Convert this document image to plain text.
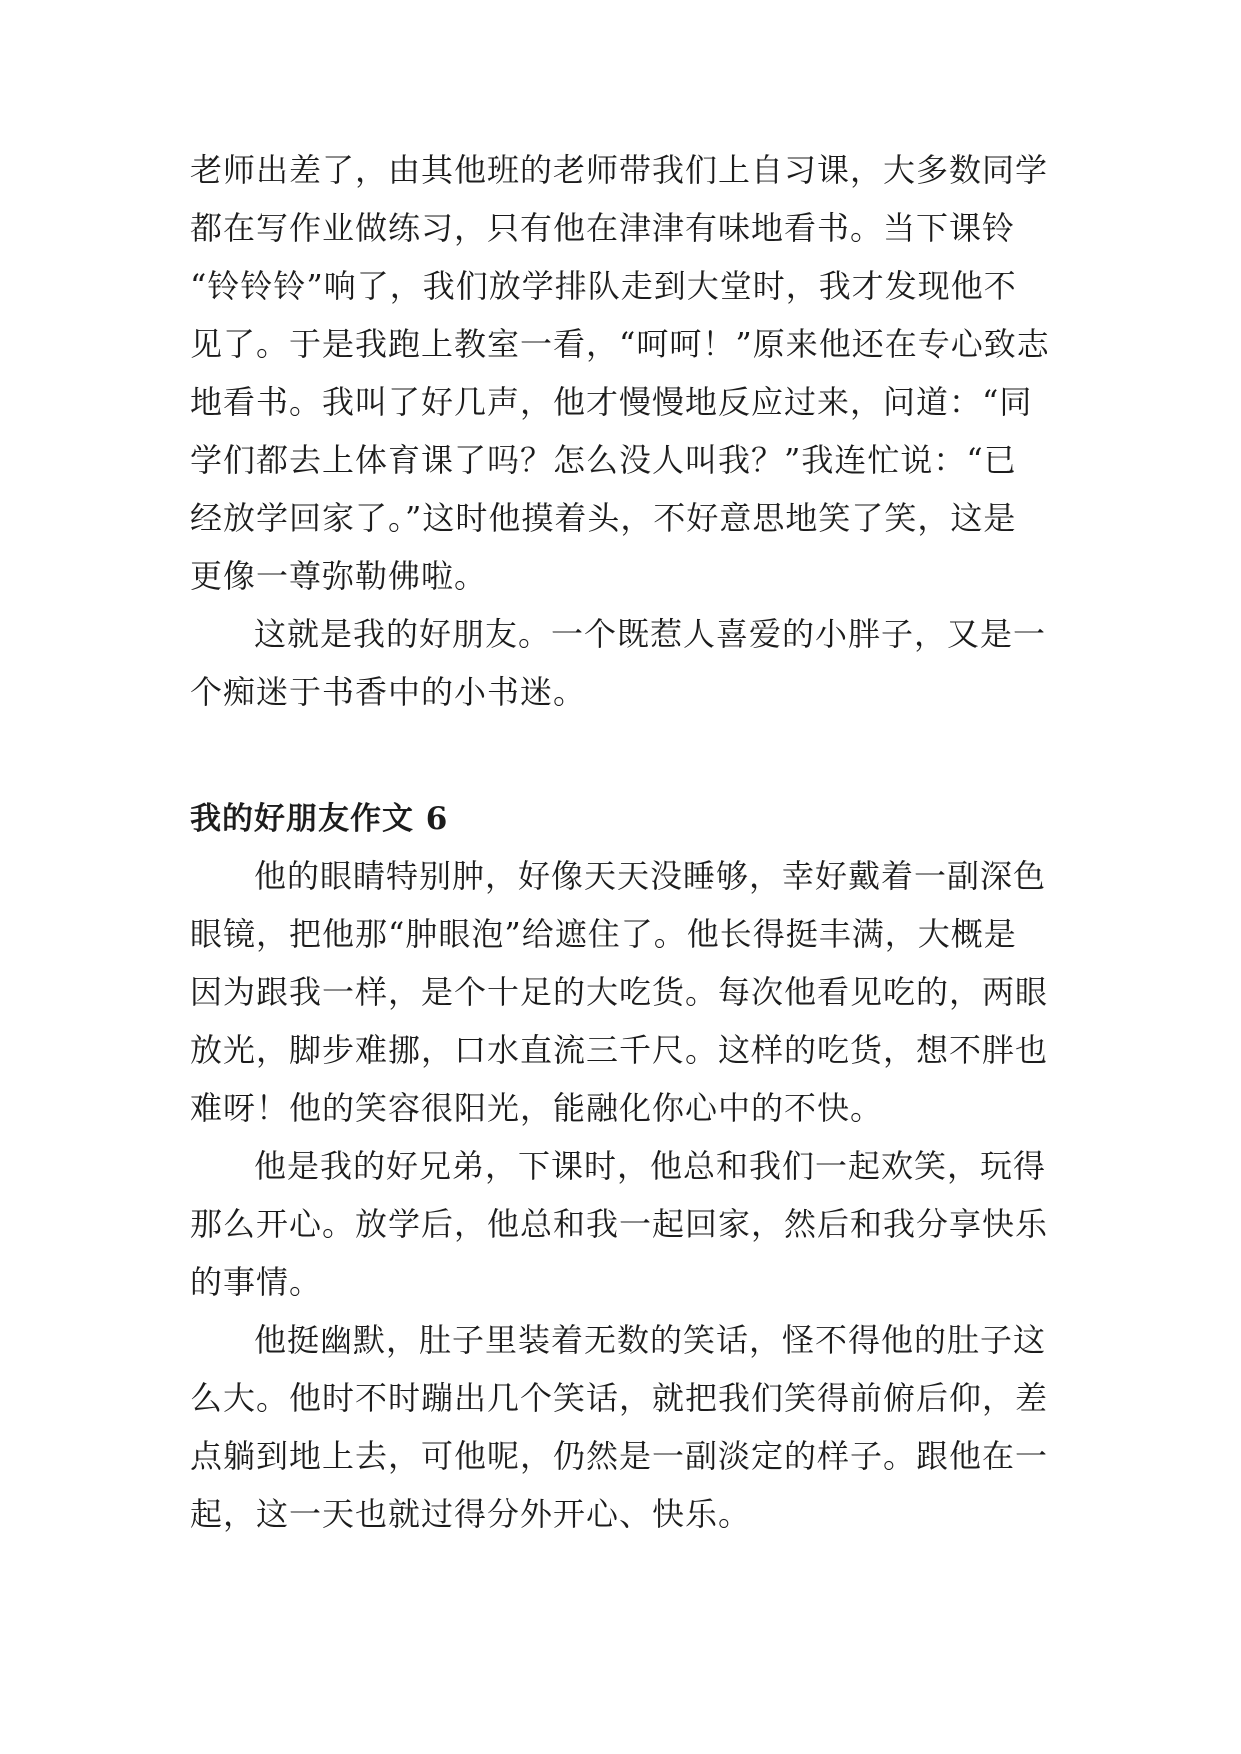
老师出差了，由其他班的老师带我们上自习课，大多数同学

都在写作业做练习，只有他在津津有味地看书。当下课铃

“铃铃铃”响了，我们放学排队走到大堂时，我才发现他不

见了。于是我跑上教室一看，“呵呵！”原来他还在专心致志

地看书。我叫了好几声，他才慢慢地反应过来，问道：“同

学们都去上体育课了吗？怎么没人叫我？”我连忙说：“已

经放学回家了。”这时他摸着头，不好意思地笑了笑，这是

更像一尊弥勒佛啦。

这就是我的好朋友。一个既惹人喜爱的小胖子，又是一

个痴迷于书香中的小书迷。

我的好朋友作文 6

他的眼睛特别肿，好像天天没睡够，幸好戴着一副深色

眼镜，把他那“肿眼泡”给遮住了。他长得挺丰满，大概是

因为跟我一样，是个十足的大吃货。每次他看见吃的，两眼

放光，脚步难挪，口水直流三千尺。这样的吃货，想不胖也

难呀！他的笑容很阳光，能融化你心中的不快。

他是我的好兄弟，下课时，他总和我们一起欢笑，玩得

那么开心。放学后，他总和我一起回家，然后和我分享快乐

的事情。

他挺幽默，肚子里装着无数的笑话，怪不得他的肚子这

么大。他时不时蹦出几个笑话，就把我们笑得前俯后仰，差

点躺到地上去，可他呢，仍然是一副淡定的样子。跟他在一

起，这一天也就过得分外开心、快乐。
